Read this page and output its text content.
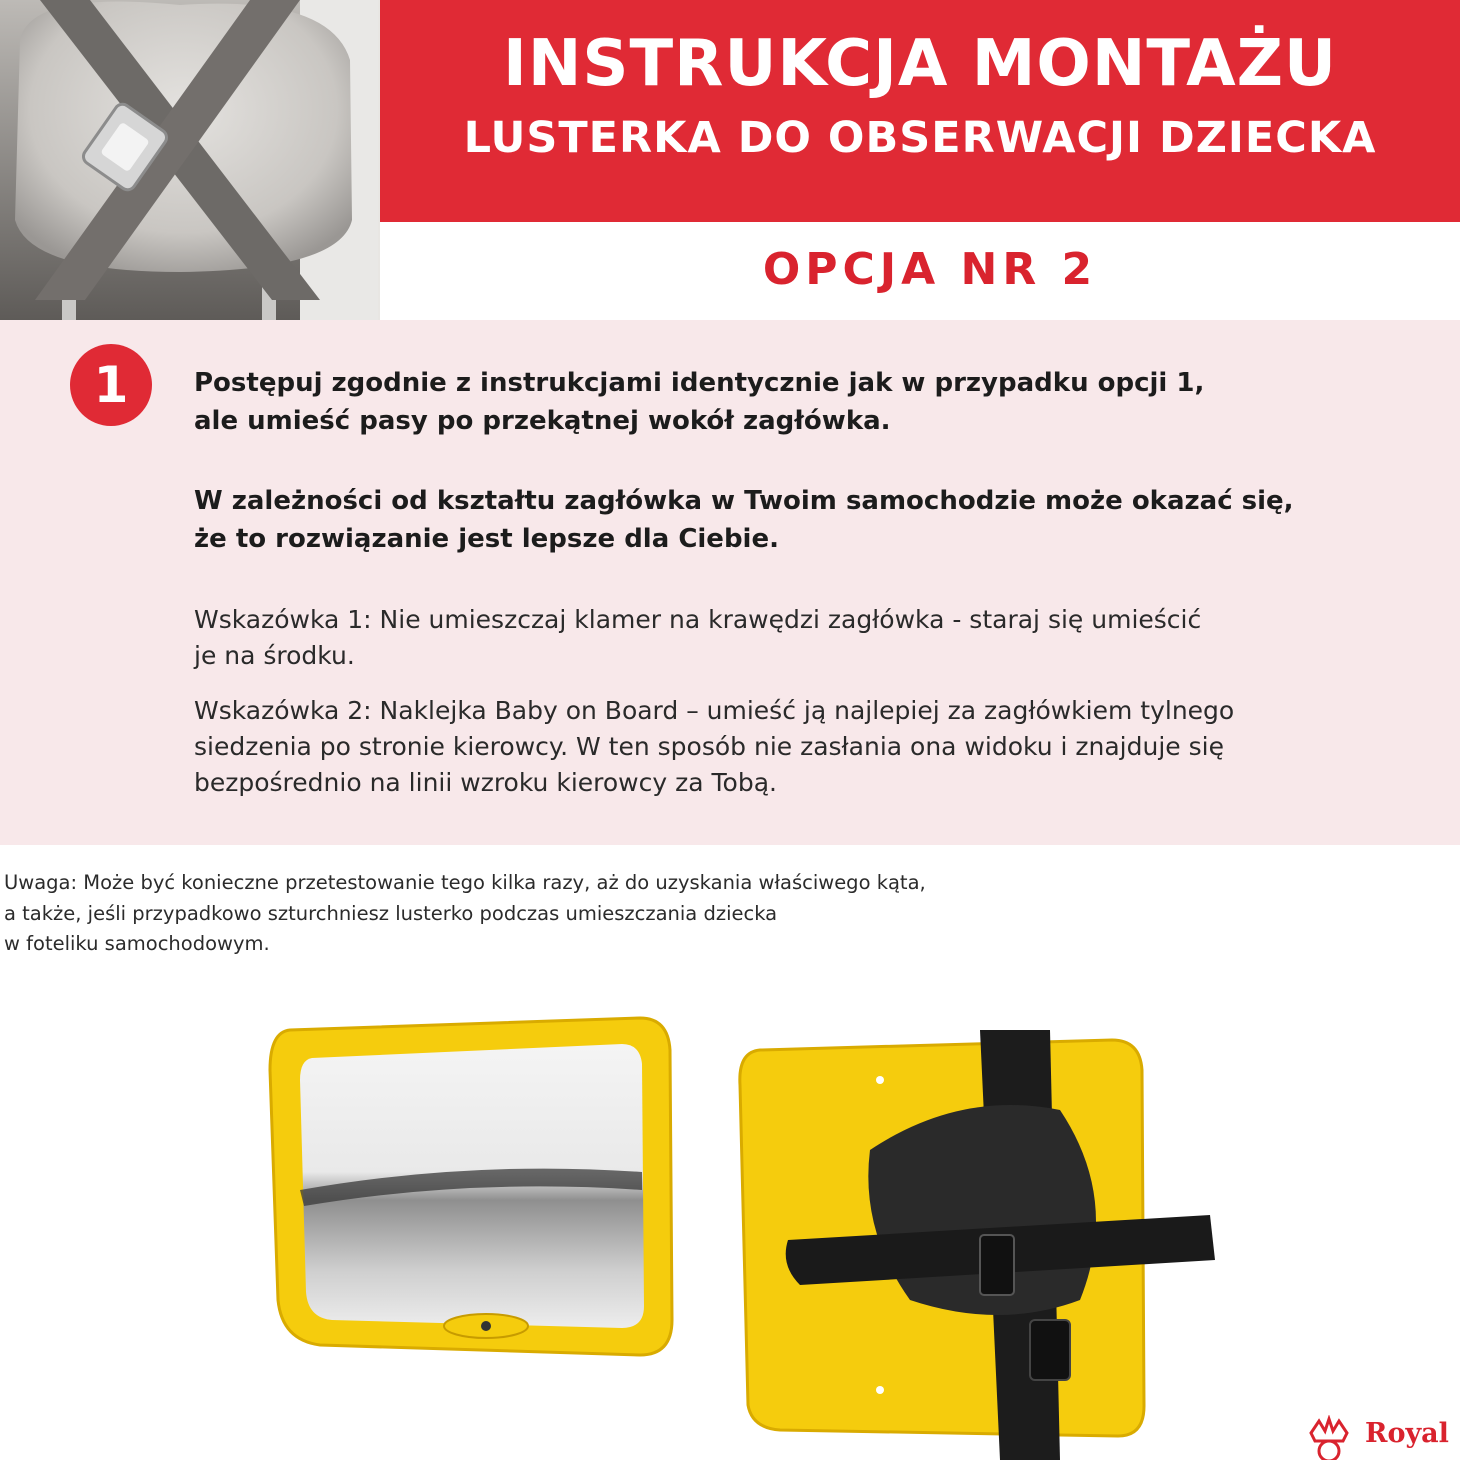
INSTRUKCJA MONTAŻU
LUSTERKA DO OBSERWACJI DZIECKA
OPCJA NR 2
1	Postępuj zgodnie z instrukcjami identycznie jak w przypadku opcji 1,
ale umieść pasy po przekątnej wokół zagłówka.
W zależności od kształtu zagłówka w Twoim samochodzie może okazać się,
że to rozwiązanie jest lepsze dla Ciebie.
Wskazówka 1: Nie umieszczaj klamer na krawędzi zagłówka - staraj się umieścić
je na środku.
Wskazówka 2: Naklejka Baby on Board – umieść ją najlepiej za zagłówkiem tylnego
siedzenia po stronie kierowcy. W ten sposób nie zasłania ona widoku i znajduje się
bezpośrednio na linii wzroku kierowcy za Tobą.
Uwaga: Może być konieczne przetestowanie tego kilka razy, aż do uzyskania właściwego kąta,
a także, jeśli przypadkowo szturchniesz lusterko podczas umieszczania dziecka
w foteliku samochodowym.
Royal
